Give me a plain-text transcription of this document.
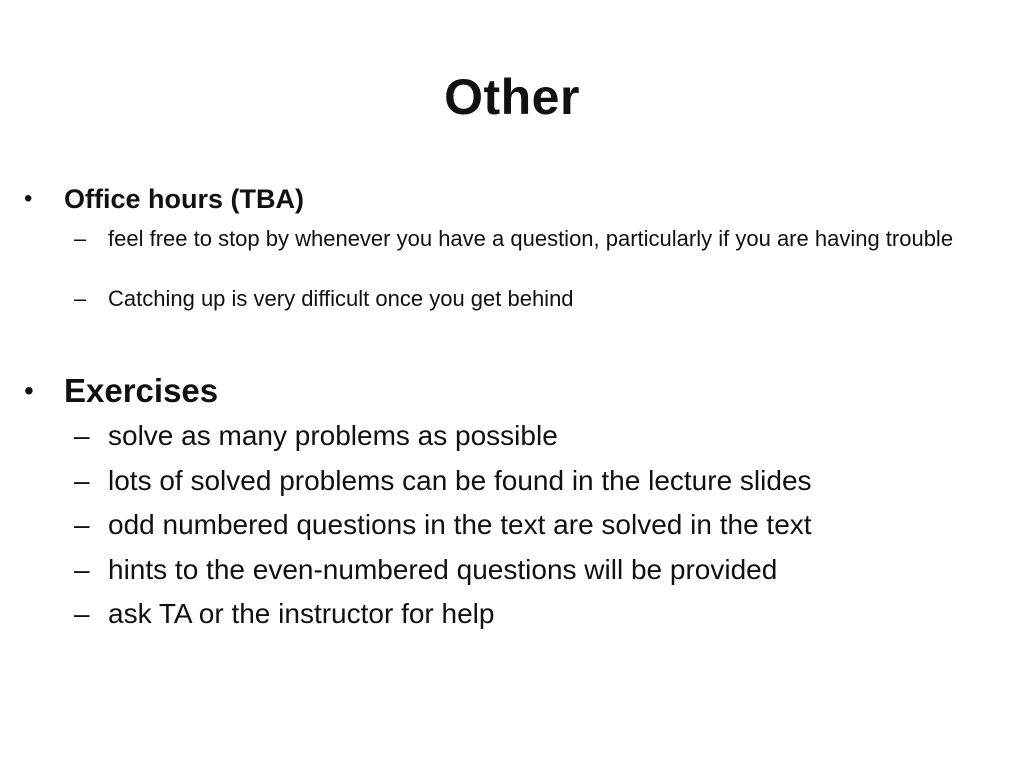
Other
• Office hours (TBA)
– feel free to stop by whenever you have a question, particularly if you are having trouble
– Catching up is very difficult once you get behind
• Exercises
– solve as many problems as possible
– lots of solved problems can be found in the lecture slides
– odd numbered questions in the text are solved in the text
– hints to the even-numbered questions will be provided
– ask TA or the instructor for help
